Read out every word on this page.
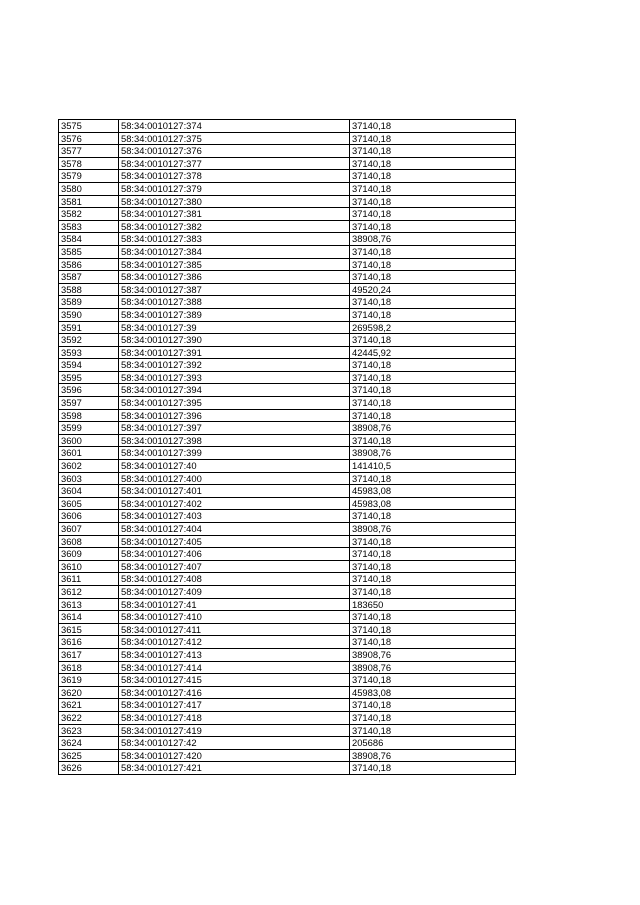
3575	58:34:0010127:374	37140,18
3576	58:34:0010127:375	37140,18
3577	58:34:0010127:376	37140,18
3578	58:34:0010127:377	37140,18
3579	58:34:0010127:378	37140,18
3580	58:34:0010127:379	37140,18
3581	58:34:0010127:380	37140,18
3582	58:34:0010127:381	37140,18
3583	58:34:0010127:382	37140,18
3584	58:34:0010127:383	38908,76
3585	58:34:0010127:384	37140,18
3586	58:34:0010127:385	37140,18
3587	58:34:0010127:386	37140,18
3588	58:34:0010127:387	49520,24
3589	58:34:0010127:388	37140,18
3590	58:34:0010127:389	37140,18
3591	58:34:0010127:39	269598,2
3592	58:34:0010127:390	37140,18
3593	58:34:0010127:391	42445,92
3594	58:34:0010127:392	37140,18
3595	58:34:0010127:393	37140,18
3596	58:34:0010127:394	37140,18
3597	58:34:0010127:395	37140,18
3598	58:34:0010127:396	37140,18
3599	58:34:0010127:397	38908,76
3600	58:34:0010127:398	37140,18
3601	58:34:0010127:399	38908,76
3602	58:34:0010127:40	141410,5
3603	58:34:0010127:400	37140,18
3604	58:34:0010127:401	45983,08
3605	58:34:0010127:402	45983,08
3606	58:34:0010127:403	37140,18
3607	58:34:0010127:404	38908,76
3608	58:34:0010127:405	37140,18
3609	58:34:0010127:406	37140,18
3610	58:34:0010127:407	37140,18
3611	58:34:0010127:408	37140,18
3612	58:34:0010127:409	37140,18
3613	58:34:0010127:41	183650
3614	58:34:0010127:410	37140,18
3615	58:34:0010127:411	37140,18
3616	58:34:0010127:412	37140,18
3617	58:34:0010127:413	38908,76
3618	58:34:0010127:414	38908,76
3619	58:34:0010127:415	37140,18
3620	58:34:0010127:416	45983,08
3621	58:34:0010127:417	37140,18
3622	58:34:0010127:418	37140,18
3623	58:34:0010127:419	37140,18
3624	58:34:0010127:42	205686
3625	58:34:0010127:420	38908,76
3626	58:34:0010127:421	37140,18
